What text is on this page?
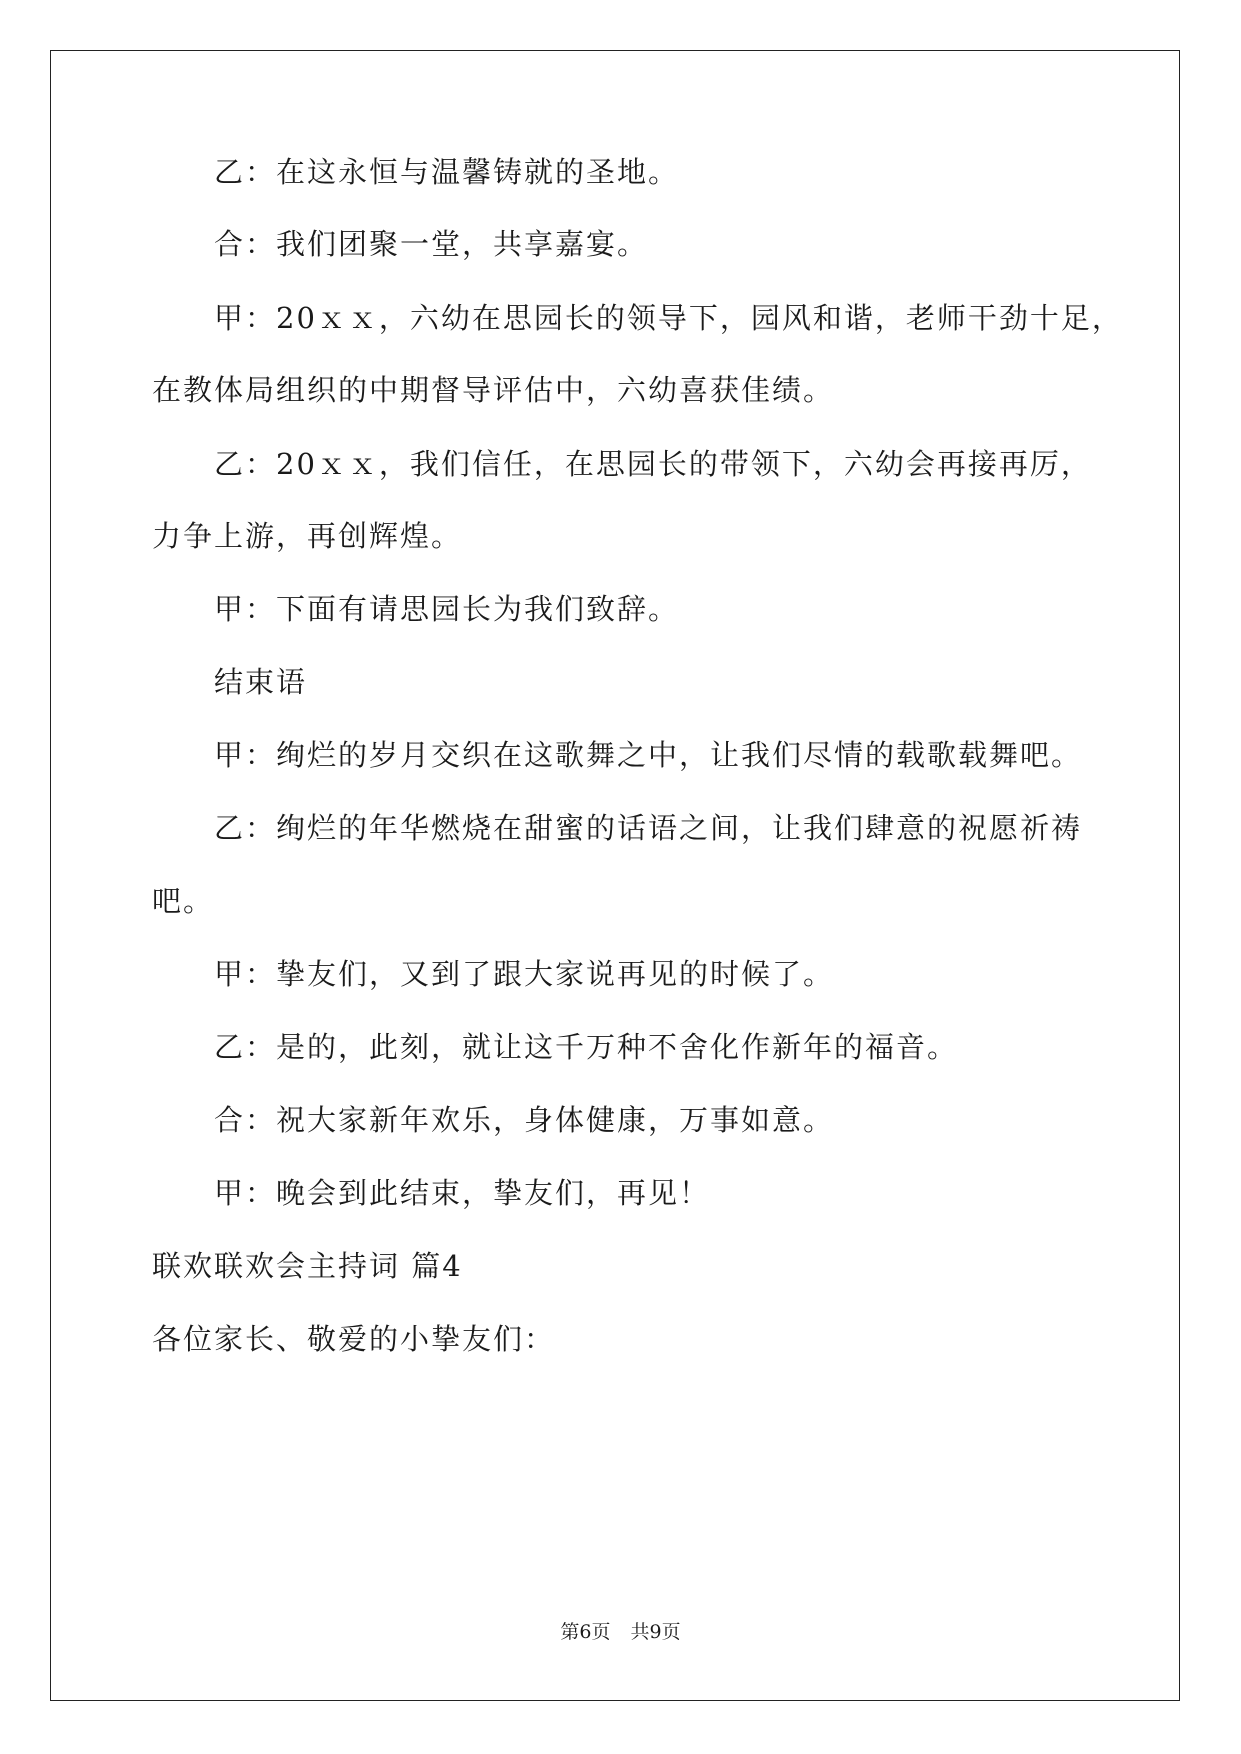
乙：在这永恒与温馨铸就的圣地。
合：我们团聚一堂，共享嘉宴。
甲：20ｘｘ，六幼在思园长的领导下，园风和谐，老师干劲十足，
在教体局组织的中期督导评估中，六幼喜获佳绩。
乙：20ｘｘ，我们信任，在思园长的带领下，六幼会再接再厉，
力争上游，再创辉煌。
甲：下面有请思园长为我们致辞。
结束语
甲：绚烂的岁月交织在这歌舞之中，让我们尽情的载歌载舞吧。
乙：绚烂的年华燃烧在甜蜜的话语之间，让我们肆意的祝愿祈祷
吧。
甲：挚友们，又到了跟大家说再见的时候了。
乙：是的，此刻，就让这千万种不舍化作新年的福音。
合：祝大家新年欢乐，身体健康，万事如意。
甲：晚会到此结束，挚友们，再见！
联欢联欢会主持词 篇4
各位家长、敬爱的小挚友们：
第6页 共9页
